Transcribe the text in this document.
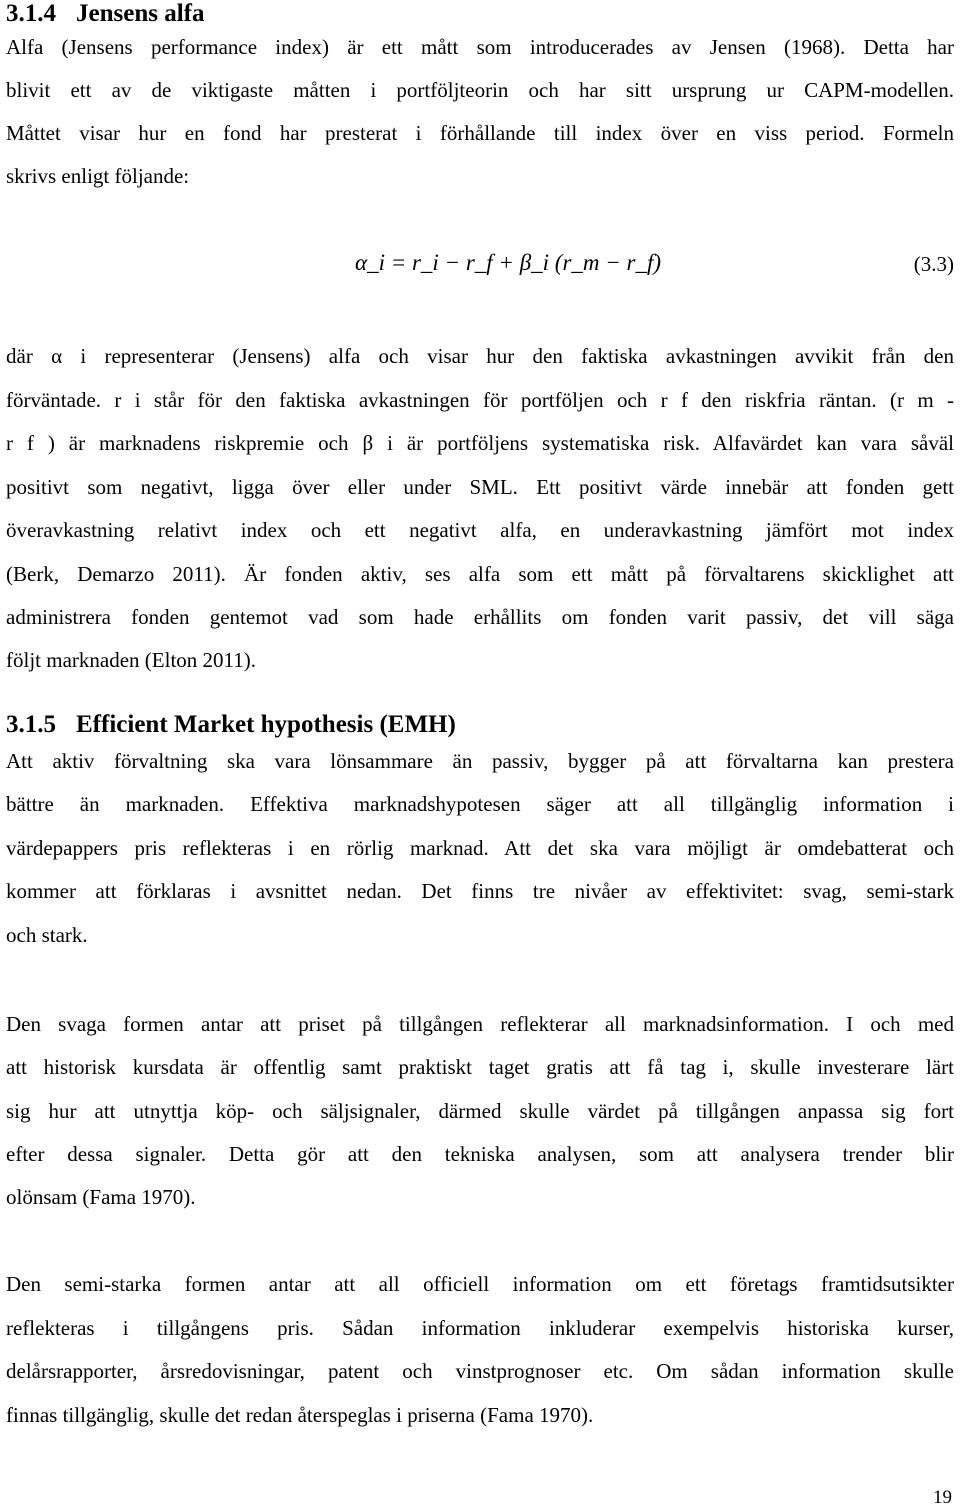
3.1.4 Jensens alfa
Alfa (Jensens performance index) är ett mått som introducerades av Jensen (1968). Detta har
blivit ett av de viktigaste måtten i portföljteorin och har sitt ursprung ur CAPM-modellen.
Måttet visar hur en fond har presterat i förhållande till index över en viss period. Formeln
skrivs enligt följande:
α_i = r_i − r_f + β_i (r_m − r_f)	(3.3)
där α i representerar (Jensens) alfa och visar hur den faktiska avkastningen avvikit från den
förväntade. r i står för den faktiska avkastningen för portföljen och r f den riskfria räntan. (r m -
r f ) är marknadens riskpremie och β i är portföljens systematiska risk. Alfavärdet kan vara såväl
positivt som negativt, ligga över eller under SML. Ett positivt värde innebär att fonden gett
överavkastning relativt index och ett negativt alfa, en underavkastning jämfört mot index
(Berk, Demarzo 2011). Är fonden aktiv, ses alfa som ett mått på förvaltarens skicklighet att
administrera fonden gentemot vad som hade erhållits om fonden varit passiv, det vill säga
följt marknaden (Elton 2011).
3.1.5 Efficient Market hypothesis (EMH)
Att aktiv förvaltning ska vara lönsammare än passiv, bygger på att förvaltarna kan prestera
bättre än marknaden. Effektiva marknadshypotesen säger att all tillgänglig information i
värdepappers pris reflekteras i en rörlig marknad. Att det ska vara möjligt är omdebatterat och
kommer att förklaras i avsnittet nedan. Det finns tre nivåer av effektivitet: svag, semi-stark
och stark.
Den svaga formen antar att priset på tillgången reflekterar all marknadsinformation. I och med
att historisk kursdata är offentlig samt praktiskt taget gratis att få tag i, skulle investerare lärt
sig hur att utnyttja köp- och säljsignaler, därmed skulle värdet på tillgången anpassa sig fort
efter dessa signaler. Detta gör att den tekniska analysen, som att analysera trender blir
olönsam (Fama 1970).
Den semi-starka formen antar att all officiell information om ett företags framtidsutsikter
reflekteras i tillgångens pris. Sådan information inkluderar exempelvis historiska kurser,
delårsrapporter, årsredovisningar, patent och vinstprognoser etc. Om sådan information skulle
finnas tillgänglig, skulle det redan återspeglas i priserna (Fama 1970).
19
